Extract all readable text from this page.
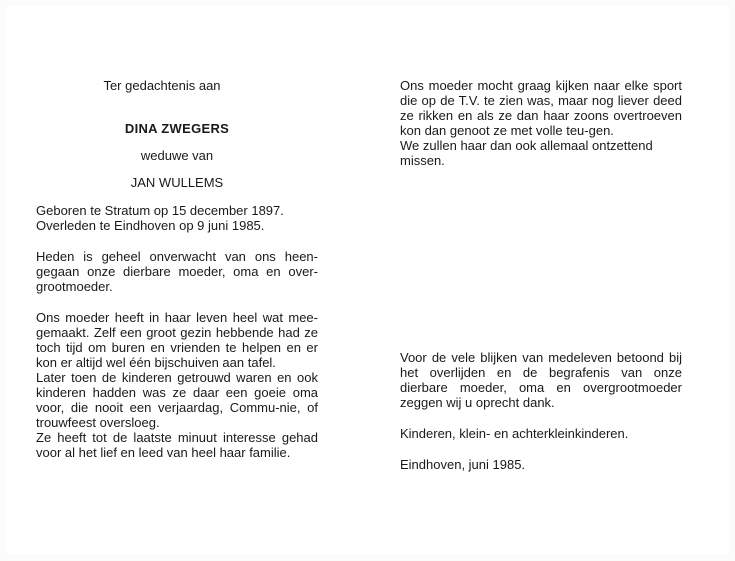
Ter gedachtenis aan

DINA ZWEGERS

weduwe van

JAN WULLEMS

Geboren te Stratum op 15 december 1897.

Overleden te Eindhoven op 9 juni 1985.

Heden is geheel onverwacht van ons heen-gegaan onze dierbare moeder, oma en over-grootmoeder.

Ons moeder heeft in haar leven heel wat mee-gemaakt. Zelf een groot gezin hebbende had ze toch tijd om buren en vrienden te helpen en er kon er altijd wel één bijschuiven aan tafel.

Later toen de kinderen getrouwd waren en ook kinderen hadden was ze daar een goeie oma voor, die nooit een verjaardag, Commu-nie, of trouwfeest oversloeg.

Ze heeft tot de laatste minuut interesse gehad voor al het lief en leed van heel haar familie.

Ons moeder mocht graag kijken naar elke sport die op de T.V. te zien was, maar nog liever deed ze rikken en als ze dan haar zoons overtroeven kon dan genoot ze met volle teu-gen.

We zullen haar dan ook allemaal ontzettend missen.

Voor de vele blijken van medeleven betoond bij het overlijden en de begrafenis van onze dierbare moeder, oma en overgrootmoeder zeggen wij u oprecht dank.

Kinderen, klein- en achterkleinkinderen.

Eindhoven, juni 1985.
